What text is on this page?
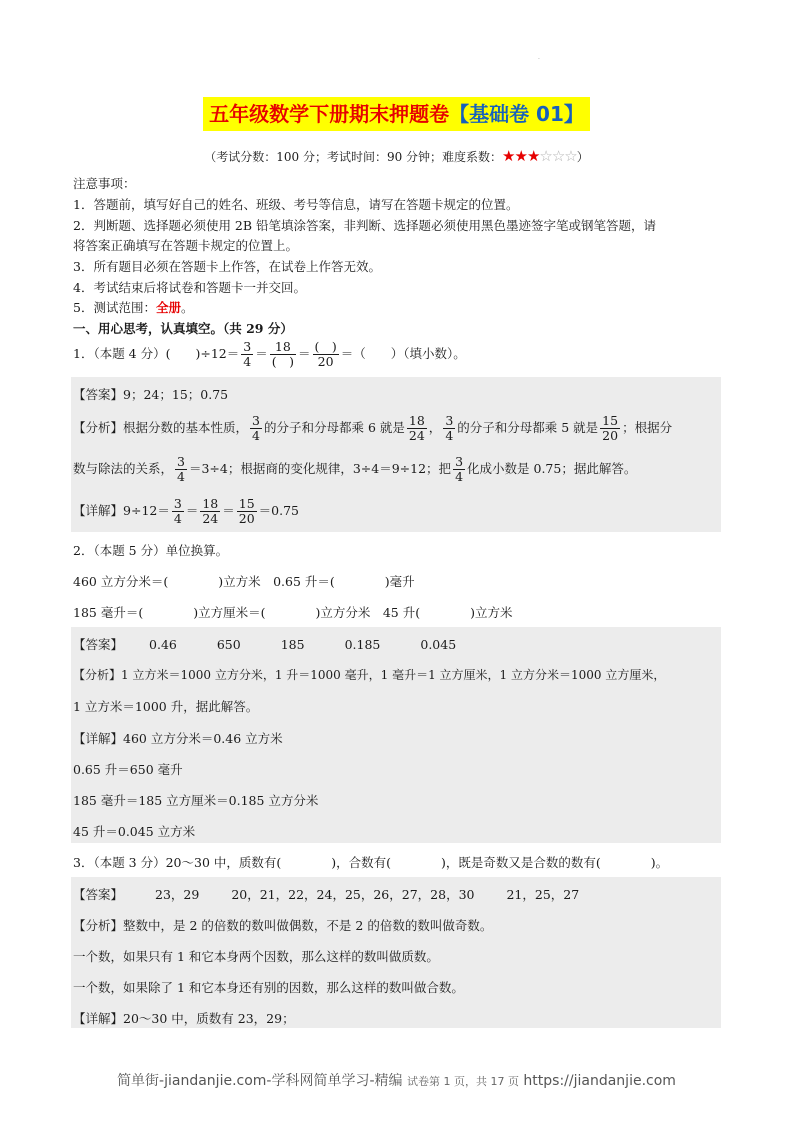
·
五年级数学下册期末押题卷【基础卷 01】
（考试分数：100 分；考试时间：90 分钟；难度系数：★★★☆☆☆）
注意事项：
1．答题前，填写好自己的姓名、班级、考号等信息，请写在答题卡规定的位置。
2．判断题、选择题必须使用 2B 铅笔填涂答案，非判断、选择题必须使用黑色墨迹签字笔或钢笔答题，请
将答案正确填写在答题卡规定的位置上。
3．所有题目必须在答题卡上作答，在试卷上作答无效。
4．考试结束后将试卷和答题卡一并交回。
5．测试范围：全册。
一、用心思考，认真填空。（共 29 分）
1．（本题 4 分）(　　)$\div 12= \frac{3}{4} = \frac{18}{( )} = \frac{( )}{20}$ ＝（　　）（填小数）。
【答案】9；24；15；0.75
【分析】根据分数的基本性质， $\frac{3}{4}$ 的分子和分母都乘 6 就是 $\frac{18}{24}$ ， $\frac{3}{4}$ 的分子和分母都乘 5 就是 $\frac{15}{20}$ ；根据分
数与除法的关系， $\frac{3}{4} =3\div 4$；根据商的变化规律，3÷4＝9÷12；把 $\frac{3}{4}$ 化成小数是 0.75；据此解答。
【详解】$9\div 12= \frac{3}{4} = \frac{18}{24} = \frac{15}{20} =0.75$
2．（本题 5 分）单位换算。
460 立方分米＝(　　　　)立方米　0.65 升＝(　　　　)毫升
185 毫升＝(　　　　)立方厘米＝(　　　　)立方分米　45 升(　　　　)立方米
【答案】 0.46	650	185	0.185	0.045
【分析】1 立方米＝1000 立方分米，1 升＝1000 毫升，1 毫升＝1 立方厘米，1 立方分米＝1000 立方厘米，
1 立方米＝1000 升，据此解答。
【详解】460 立方分米＝0.46 立方米
0.65 升＝650 毫升
185 毫升＝185 立方厘米＝0.185 立方分米
45 升＝0.045 立方米
3．（本题 3 分）20～30 中，质数有(　　　　)，合数有(　　　　)，既是奇数又是合数的数有(　　　　)。
【答案】	23，29	20，21，22，24，25，26，27，28，30	21，25，27
【分析】整数中，是 2 的倍数的数叫做偶数，不是 2 的倍数的数叫做奇数。
一个数，如果只有 1 和它本身两个因数，那么这样的数叫做质数。
一个数，如果除了 1 和它本身还有别的因数，那么这样的数叫做合数。
【详解】20～30 中，质数有 23，29；
简单街-jiandanjie.com-学科网简单学习-精编 试卷第 1 页，共 17 页 https://jiandanjie.com
